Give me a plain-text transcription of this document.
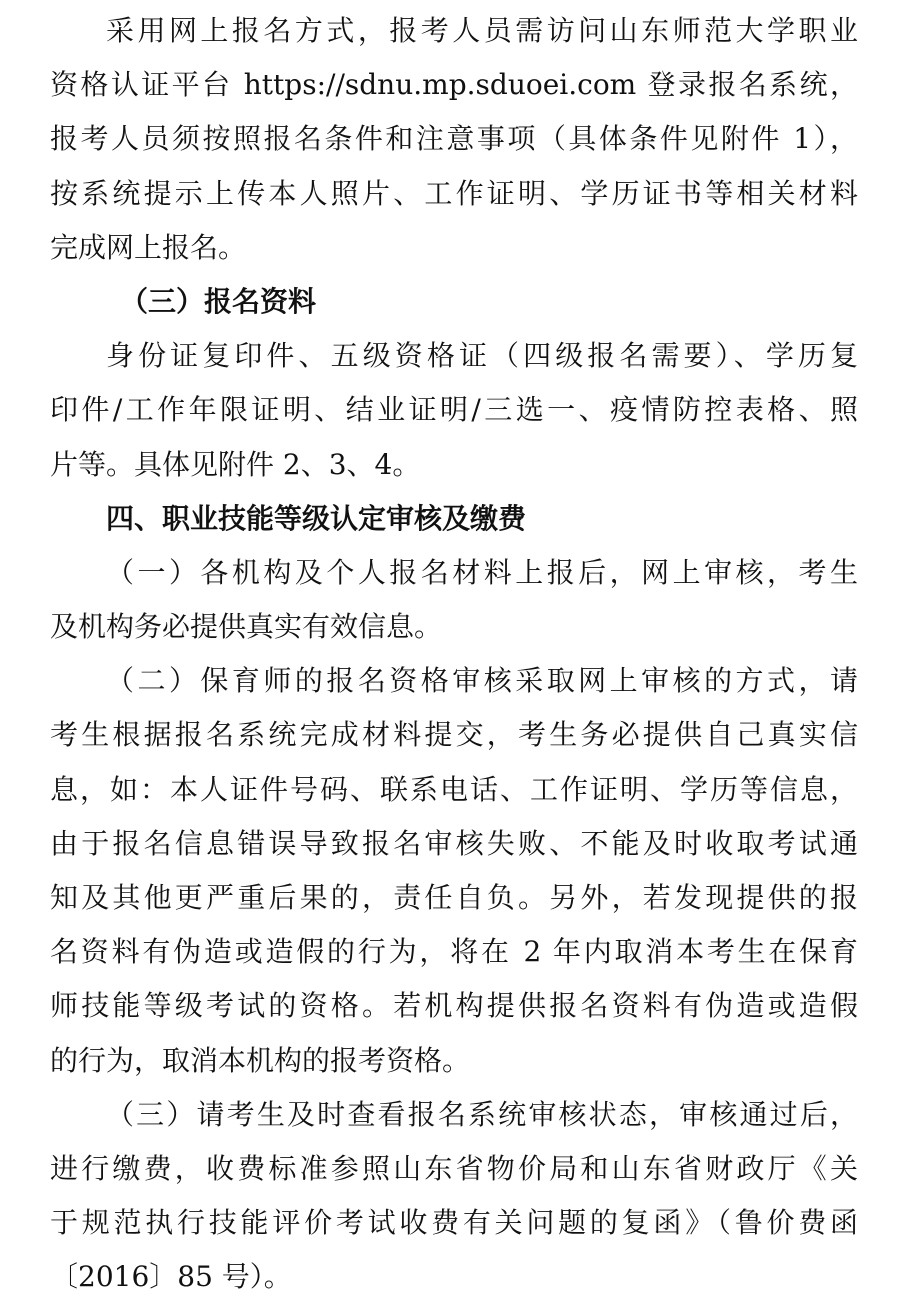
采用网上报名方式，报考人员需访问山东师范大学职业
资格认证平台 https://sdnu.mp.sduoei.com 登录报名系统，
报考人员须按照报名条件和注意事项（具体条件见附件 1），
按系统提示上传本人照片、工作证明、学历证书等相关材料
完成网上报名。
（三）报名资料
身份证复印件、五级资格证（四级报名需要）、学历复
印件/工作年限证明、结业证明/三选一、疫情防控表格、照
片等。具体见附件 2、3、4。
四、职业技能等级认定审核及缴费
（一）各机构及个人报名材料上报后，网上审核，考生
及机构务必提供真实有效信息。
（二）保育师的报名资格审核采取网上审核的方式，请
考生根据报名系统完成材料提交，考生务必提供自己真实信
息，如：本人证件号码、联系电话、工作证明、学历等信息，
由于报名信息错误导致报名审核失败、不能及时收取考试通
知及其他更严重后果的，责任自负。另外，若发现提供的报
名资料有伪造或造假的行为，将在 2 年内取消本考生在保育
师技能等级考试的资格。若机构提供报名资料有伪造或造假
的行为，取消本机构的报考资格。
（三）请考生及时查看报名系统审核状态，审核通过后，
进行缴费，收费标准参照山东省物价局和山东省财政厅《关
于规范执行技能评价考试收费有关问题的复函》（鲁价费函
〔2016〕85 号）。
